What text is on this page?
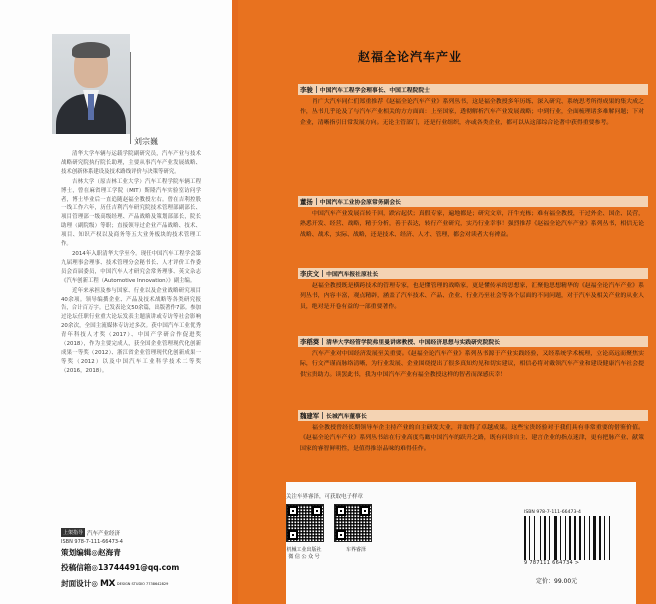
刘宗巍

清华大学车辆与运载学院副研究员，汽车产业与技术战略研究院执行院长助理，主要从事汽车产业发展战略、技术创新体系建设及技术路线评价与决策等研究。

吉林大学（原吉林工业大学）汽车工程学院车辆工程博士，曾在麻省理工学院（MIT）斯隆汽车实验室访问学者，博士毕业后一直追随赵福全教授左右。曾在吉利控股一线工作六年，历任吉利汽车研究院技术管理部副部长、项目管理部一级高级经理、产品战略及策划部部长，院长助理（副院级）等职；直接领导过企业产品战略、技术、项目、知识产权以及商务等五大业务板块的技术管理工作。

2014年入职清华大学至今。现任中国汽车工程学会第九届理事会理事、技术管理分会秘书长、人才评价工作委员会首届委员，中国汽车人才研究会常务理事、英文杂志《汽车创新工程（Automotive Innovation）》副主编。

近年来承担及参与国家、行业以及企业战略研究项目40余项。领导编撰企业、产品及技术战略等各类研究报告，合计百万字。已发表论文50余篇，出版著作7部。参加过论坛任职行业重大论坛发表主题演讲或专访等社会影响20余次，全国主流媒体专访过多次。获中国汽车工业优秀青年科技人才奖（2017）、中国产学研合作促进奖（2018），作为主要完成人，获全国企业管理现代化创新成果一等奖（2012）、浙江省企业管理现代化创新成果一等奖（2012）以及中国汽车工业科学技术二等奖（2016，2018）。

上架指导 汽车产业经济
ISBN 978-7-111-66473-4
策划编辑◎赵海青
投稿信箱◎13744491@qq.com
封面设计◎ MX DESIGN STUDIO 7738642829
赵福全论汽车产业
李骏 中国汽车工程学会理事长、中国工程院院士
肖广大汽车同仁们郑重推荐《赵福全论汽车产业》系列丛书，这是福全教授多年历练、深入研究、系统思考所得成果的集大成之作，丛书几乎论及了与汽车产业相关的方方面面：上至国家，透彻解析汽车产业发展战略；中到行业，全面梳理诸多难解问题；下对企业，清晰指引日常发展方向。无论主管部门，还是行业组织，亦或各类企业，都可以从这部综合论著中获得重要参考。
董扬 中国汽车工业协会原常务副会长
中国汽车产业发展百转千回，跌宕起伏；真假专家，遍地都是；研究文章，汗牛充栋；难有福全教授，干过外企、国企、民营，熟悉开发、经营、战略，精于分析，善于表达，转行产业研究，实乃行业幸事！强烈推荐《赵福全论汽车产业》系列丛书，相信无论战略、战术，实际、战略，还是技术、经济、人才、管理，都会对读者大有裨益。
李庆文 中国汽车报社原社长
赵福全教授既是横跨技术的管理专家，也是懂管理的战略家，更是懂传承的思想家，汇聚他思想精华的《赵福全论汽车产业》系列丛书，内容丰富，观点精辟，涵盖了汽车技术、产品、企业、行业乃至社会等各个层面的不同问题，对于汽车及相关产业的从业人员，绝对是开卷有益的一部重要著作。
李稻葵 清华大学经管学院弗里曼讲席教授、中国经济思想与实践研究院院长
汽车产业对中国经济发展至关重要。《赵福全论汽车产业》系列丛书源于产业实践经验，又经系统学术梳理，立论高远而聚焦实际，行文严谨而脉络清晰，为行业发展、企业围绕提出了很多真知灼见和切实建议，相信必将对戴领汽车产业和建设健康汽车社会提供宝贵助力。读罢此书，我为中国汽车产业有福全教授这样的智者而深感庆幸！
魏建军 长城汽车董事长
福全教授曾经长期领导车企主持产业的自主研发大业，并取得了卓越成果。这些宝贵经验对于我们具有非常重要的借鉴价值。《赵福全论汽车产业》系列丛书站在行业高度鸟瞰中国汽车的跃升之路，既有问诊自主、建言企业的指点迷津，更有把脉产业、献策国家的睿智鲜明性，是值得推崇品味的难得佳作。
关注车界睿泽，可获取电子样章
机械工业出版社
微 信 公 众 号
车界睿泽
ISBN 978-7-111-66473-4
9 787111 664734 >
定价：99.00元
